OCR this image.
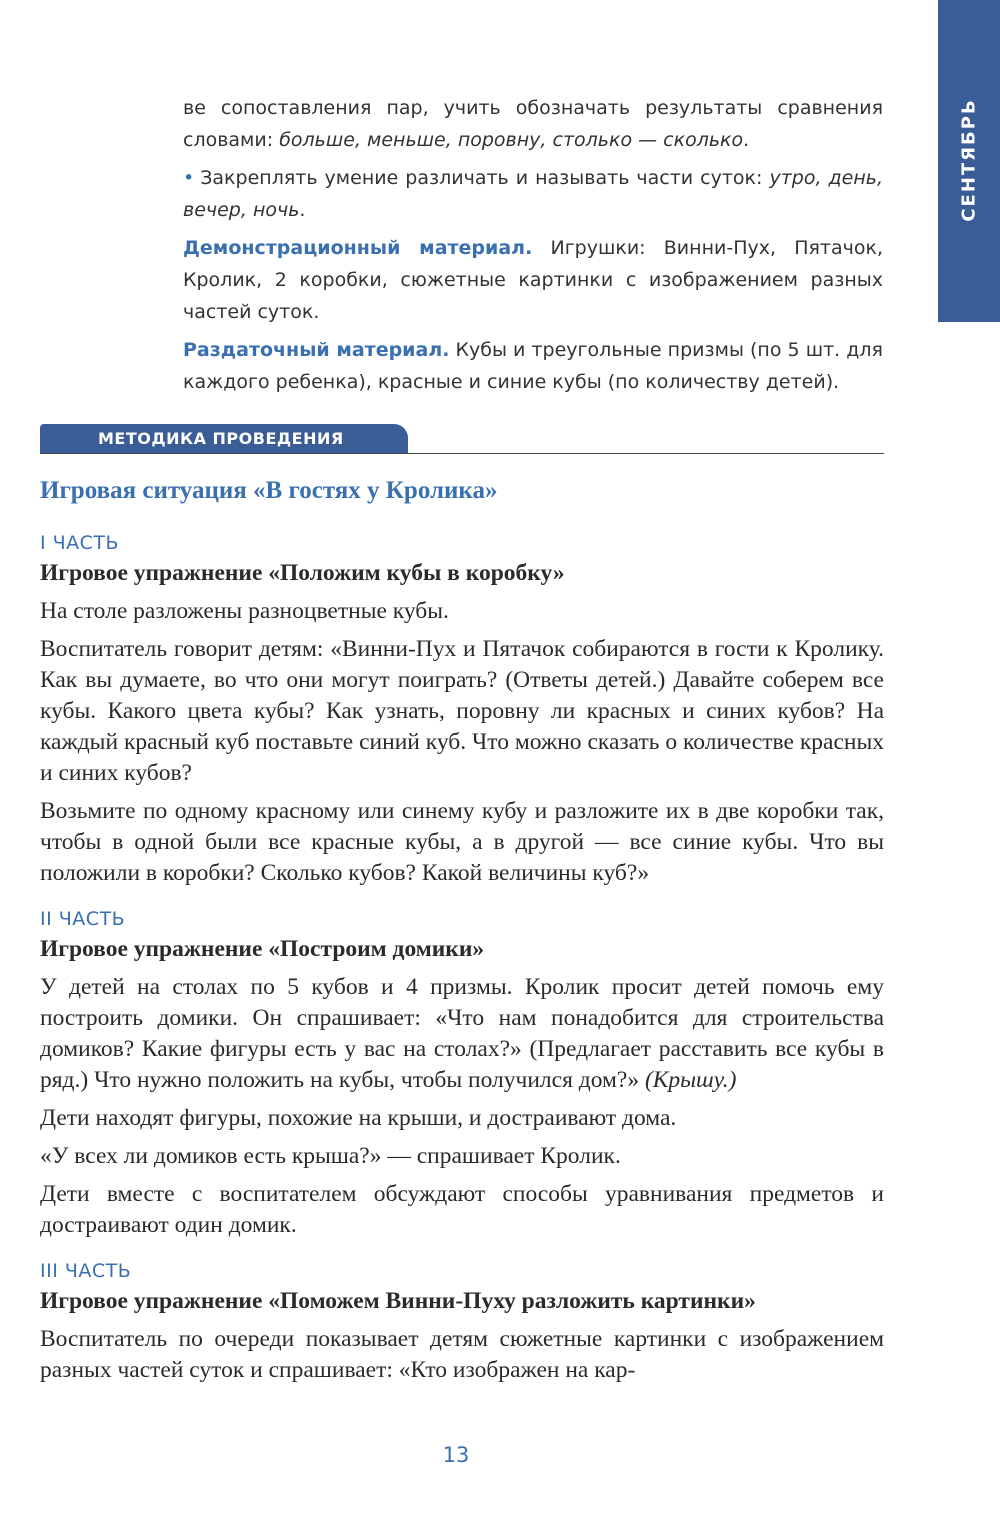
СЕНТЯБРЬ

ве сопоставления пар, учить обозначать результаты сравнения словами: больше, меньше, поровну, столько — сколько.

• Закреплять умение различать и называть части суток: утро, день, вечер, ночь.

Демонстрационный материал. Игрушки: Винни-Пух, Пятачок, Кролик, 2 коробки, сюжетные картинки с изображением разных частей суток.

Раздаточный материал. Кубы и треугольные призмы (по 5 шт. для каждого ребенка), красные и синие кубы (по количеству детей).

МЕТОДИКА ПРОВЕДЕНИЯ
Игровая ситуация «В гостях у Кролика»
I ЧАСТЬ

Игровое упражнение «Положим кубы в коробку»

На столе разложены разноцветные кубы.

Воспитатель говорит детям: «Винни-Пух и Пятачок собираются в гости к Кролику. Как вы думаете, во что они могут поиграть? (Ответы детей.) Давайте соберем все кубы. Какого цвета кубы? Как узнать, поровну ли красных и синих кубов? На каждый красный куб поставьте синий куб. Что можно сказать о количестве красных и синих кубов?

Возьмите по одному красному или синему кубу и разложите их в две коробки так, чтобы в одной были все красные кубы, а в другой — все синие кубы. Что вы положили в коробки? Сколько кубов? Какой величины куб?»

II ЧАСТЬ

Игровое упражнение «Построим домики»

У детей на столах по 5 кубов и 4 призмы. Кролик просит детей помочь ему построить домики. Он спрашивает: «Что нам понадобится для строительства домиков? Какие фигуры есть у вас на столах?» (Предлагает расставить все кубы в ряд.) Что нужно положить на кубы, чтобы получился дом?» (Крышу.)

Дети находят фигуры, похожие на крыши, и достраивают дома.

«У всех ли домиков есть крыша?» — спрашивает Кролик.

Дети вместе с воспитателем обсуждают способы уравнивания предметов и достраивают один домик.

III ЧАСТЬ

Игровое упражнение «Поможем Винни-Пуху разложить картинки»

Воспитатель по очереди показывает детям сюжетные картинки с изображением разных частей суток и спрашивает: «Кто изображен на кар-

13
